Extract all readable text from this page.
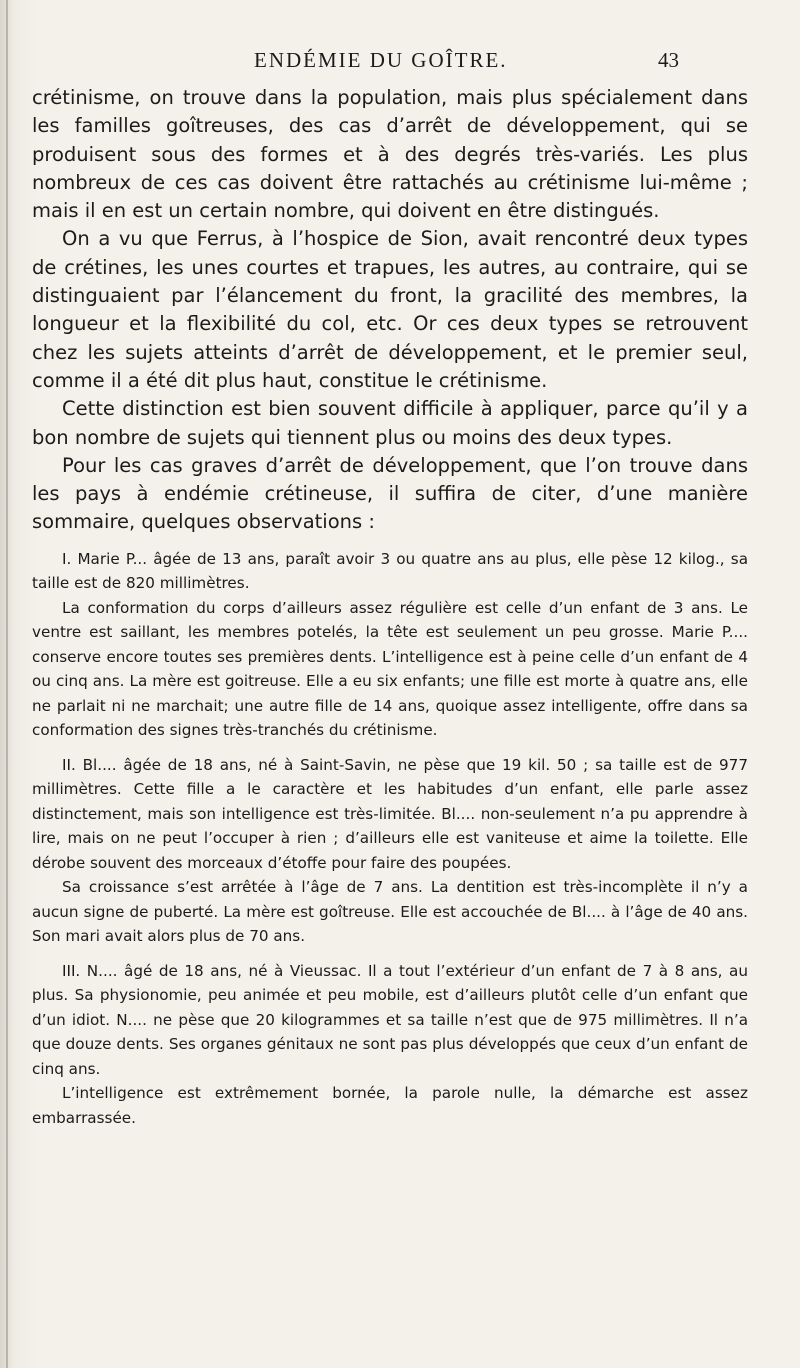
ENDÉMIE DU GOÎTRE.	43

crétinisme, on trouve dans la population, mais plus spécialement dans les familles goîtreuses, des cas d’arrêt de développement, qui se produisent sous des formes et à des degrés très-variés. Les plus nombreux de ces cas doivent être rattachés au crétinisme lui-même ; mais il en est un certain nombre, qui doivent en être distingués.

On a vu que Ferrus, à l’hospice de Sion, avait rencontré deux types de crétines, les unes courtes et trapues, les autres, au contraire, qui se distinguaient par l’élancement du front, la gracilité des membres, la longueur et la flexibilité du col, etc. Or ces deux types se retrouvent chez les sujets atteints d’arrêt de développement, et le premier seul, comme il a été dit plus haut, constitue le crétinisme.

Cette distinction est bien souvent difficile à appliquer, parce qu’il y a bon nombre de sujets qui tiennent plus ou moins des deux types.

Pour les cas graves d’arrêt de développement, que l’on trouve dans les pays à endémie crétineuse, il suffira de citer, d’une manière sommaire, quelques observations :

I. Marie P... âgée de 13 ans, paraît avoir 3 ou quatre ans au plus, elle pèse 12 kilog., sa taille est de 820 millimètres.

La conformation du corps d’ailleurs assez régulière est celle d’un enfant de 3 ans. Le ventre est saillant, les membres potelés, la tête est seulement un peu grosse. Marie P.... conserve encore toutes ses premières dents. L’intelligence est à peine celle d’un enfant de 4 ou cinq ans. La mère est goitreuse. Elle a eu six enfants; une fille est morte à quatre ans, elle ne parlait ni ne marchait; une autre fille de 14 ans, quoique assez intelligente, offre dans sa conformation des signes très-tranchés du crétinisme.

II. Bl.... âgée de 18 ans, né à Saint-Savin, ne pèse que 19 kil. 50 ; sa taille est de 977 millimètres. Cette fille a le caractère et les habitudes d’un enfant, elle parle assez distinctement, mais son intelligence est très-limitée. Bl.... non-seulement n’a pu apprendre à lire, mais on ne peut l’occuper à rien ; d’ailleurs elle est vaniteuse et aime la toilette. Elle dérobe souvent des morceaux d’étoffe pour faire des poupées.

Sa croissance s’est arrêtée à l’âge de 7 ans. La dentition est très-incomplète il n’y a aucun signe de puberté. La mère est goîtreuse. Elle est accouchée de Bl.... à l’âge de 40 ans. Son mari avait alors plus de 70 ans.

III. N.... âgé de 18 ans, né à Vieussac. Il a tout l’extérieur d’un enfant de 7 à 8 ans, au plus. Sa physionomie, peu animée et peu mobile, est d’ailleurs plutôt celle d’un enfant que d’un idiot. N.... ne pèse que 20 kilogrammes et sa taille n’est que de 975 millimètres. Il n’a que douze dents. Ses organes génitaux ne sont pas plus développés que ceux d’un enfant de cinq ans.

L’intelligence est extrêmement bornée, la parole nulle, la démarche est assez embarrassée.
